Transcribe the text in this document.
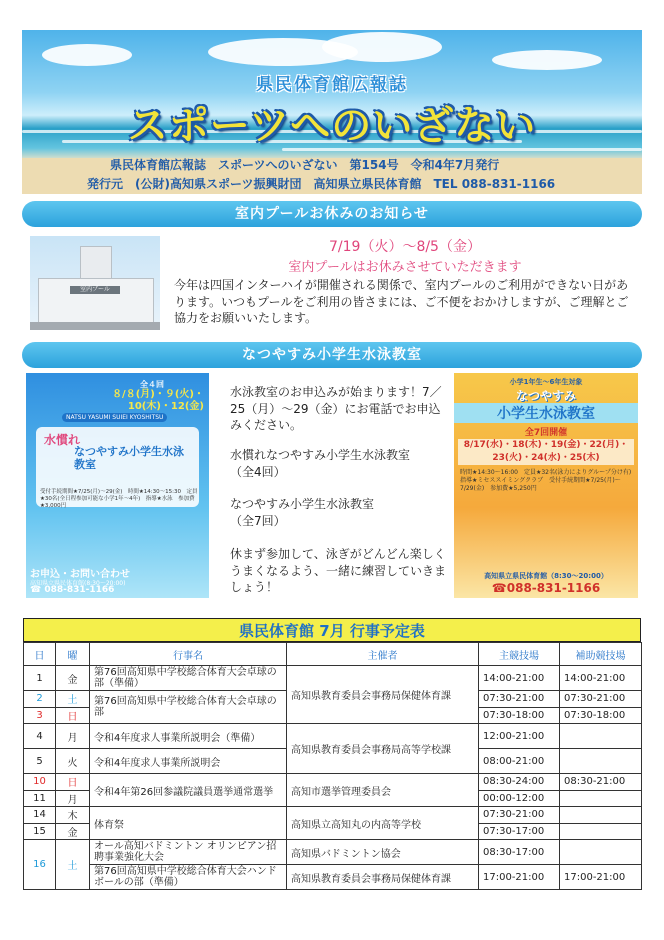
県民体育館広報誌
スポーツへのいざない
県民体育館広報誌　スポーツへのいざない　第154号　令和4年7月発行
発行元　(公財)高知県スポーツ振興財団　高知県立県民体育館　TEL 088-831-1166
室内プールお休みのお知らせ
室内プール
7/19（火）～8/5（金）
室内プールはお休みさせていただきます
今年は四国インターハイが開催される関係で、室内プールのご利用ができない日があります。いつもプールをご利用の皆さまには、ご不便をおかけしますが、ご理解とご協力をお願いいたします。
なつやすみ小学生水泳教室
全４回
８/８(月)・９(火)・10(木)・12(金)
NATSU YASUMI SUIEI KYOSHITSU
水慣れ
なつやすみ小学生水泳教室
受付手続期間★7/25(月)〜29(金)　時間★14:30〜15:30　定員★30名(全日程参加可能な小学1年〜4年)　指導★水泳　参加費★3,000円
お申込・お問い合わせ
高知県立県民体育館(8:30〜20:00)
☎ 088-831-1166
水泳教室のお申込みが始まります！7／25（月）～29（金）にお電話でお申込みください。
水慣れなつやすみ小学生水泳教室
（全4回）
なつやすみ小学生水泳教室
（全7回）
休まず参加して、泳ぎがどんどん楽しくうまくなるよう、一緒に練習していきましょう！
小学1年生〜6年生対象
なつやすみ
小学生水泳教室
全7回開催
8/17(水)・18(木)・19(金)・22(月)・23(火)・24(水)・25(木)
時間★14:30〜16:00　定員★32名(泳力によりグループ分け有)　指導★ミセススイミングクラブ　受付手続期間★7/25(月)〜7/29(金)　参加費★5,250円
高知県立県民体育館（8:30〜20:00）
☎088-831-1166
県民体育館 7月 行事予定表
日	曜	行事名	主催者	主競技場	補助競技場
1	金	第76回高知県中学校総合体育大会卓球の部（準備）	高知県教育委員会事務局保健体育課	14:00-21:00	14:00-21:00
2	土	第76回高知県中学校総合体育大会卓球の部		07:30-21:00	07:30-21:00
3	日			07:30-18:00	07:30-18:00
4	月	令和4年度求人事業所説明会（準備）	高知県教育委員会事務局高等学校課	12:00-21:00	
5	火	令和4年度求人事業所説明会		08:00-21:00	
10	日	令和4年第26回参議院議員選挙通常選挙	高知市選挙管理委員会	08:30-24:00	08:30-21:00
11	月			00:00-12:00	
14	木	体育祭	高知県立高知丸の内高等学校	07:30-21:00	
15	金			07:30-17:00	
16	土	オール高知バドミントン オリンピアン招聘事業強化大会	高知県バドミントン協会	08:30-17:00	
		第76回高知県中学校総合体育大会ハンドボールの部（準備）	高知県教育委員会事務局保健体育課	17:00-21:00	17:00-21:00
